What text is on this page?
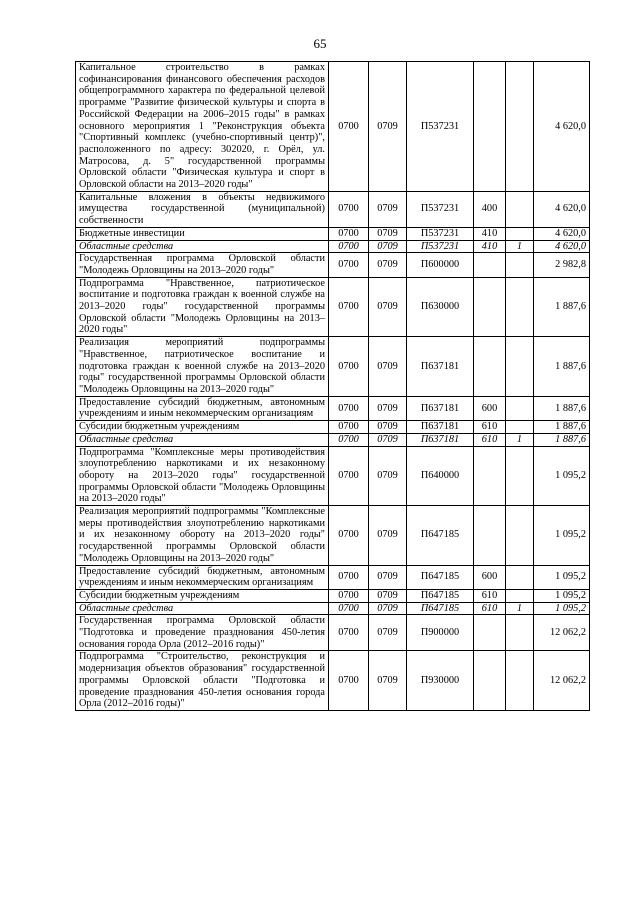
65
Капитальное строительство в рамках софинансирования финансового обеспечения расходов общепрограммного характера по федеральной целевой программе "Развитие физической культуры и спорта в Российской Федерации на 2006–2015 годы" в рамках основного мероприятия 1 "Реконструкция объекта "Спортивный комплекс (учебно-спортивный центр)", расположенного по адресу: 302020, г. Орёл, ул. Матросова, д. 5" государственной программы Орловской области "Физическая культура и спорт в Орловской области на 2013–2020 годы"	0700	0709	П537231			4 620,0
Капитальные вложения в объекты недвижимого имущества государственной (муниципальной) собственности	0700	0709	П537231	400		4 620,0
Бюджетные инвестиции	0700	0709	П537231	410		4 620,0
Областные средства	0700	0709	П537231	410	1	4 620,0
Государственная программа Орловской области "Молодежь Орловщины на 2013–2020 годы"	0700	0709	П600000			2 982,8
Подпрограмма "Нравственное, патриотическое воспитание и подготовка граждан к военной службе на 2013–2020 годы" государственной программы Орловской области "Молодежь Орловщины на 2013–2020 годы"	0700	0709	П630000			1 887,6
Реализация мероприятий подпрограммы "Нравственное, патриотическое воспитание и подготовка граждан к военной службе на 2013–2020 годы" государственной программы Орловской области "Молодежь Орловщины на 2013–2020 годы"	0700	0709	П637181			1 887,6
Предоставление субсидий бюджетным, автономным учреждениям и иным некоммерческим организациям	0700	0709	П637181	600		1 887,6
Субсидии бюджетным учреждениям	0700	0709	П637181	610		1 887,6
Областные средства	0700	0709	П637181	610	1	1 887,6
Подпрограмма "Комплексные меры противодействия злоупотреблению наркотиками и их незаконному обороту на 2013–2020 годы" государственной программы Орловской области "Молодежь Орловщины на 2013–2020 годы"	0700	0709	П640000			1 095,2
Реализация мероприятий подпрограммы "Комплексные меры противодействия злоупотреблению наркотиками и их незаконному обороту на 2013–2020 годы" государственной программы Орловской области "Молодежь Орловщины на 2013–2020 годы"	0700	0709	П647185			1 095,2
Предоставление субсидий бюджетным, автономным учреждениям и иным некоммерческим организациям	0700	0709	П647185	600		1 095,2
Субсидии бюджетным учреждениям	0700	0709	П647185	610		1 095,2
Областные средства	0700	0709	П647185	610	1	1 095,2
Государственная программа Орловской области "Подготовка и проведение празднования 450-летия основания города Орла (2012–2016 годы)"	0700	0709	П900000			12 062,2
Подпрограмма "Строительство, реконструкция и модернизация объектов образования" государственной программы Орловской области "Подготовка и проведение празднования 450-летия основания города Орла (2012–2016 годы)"	0700	0709	П930000			12 062,2
